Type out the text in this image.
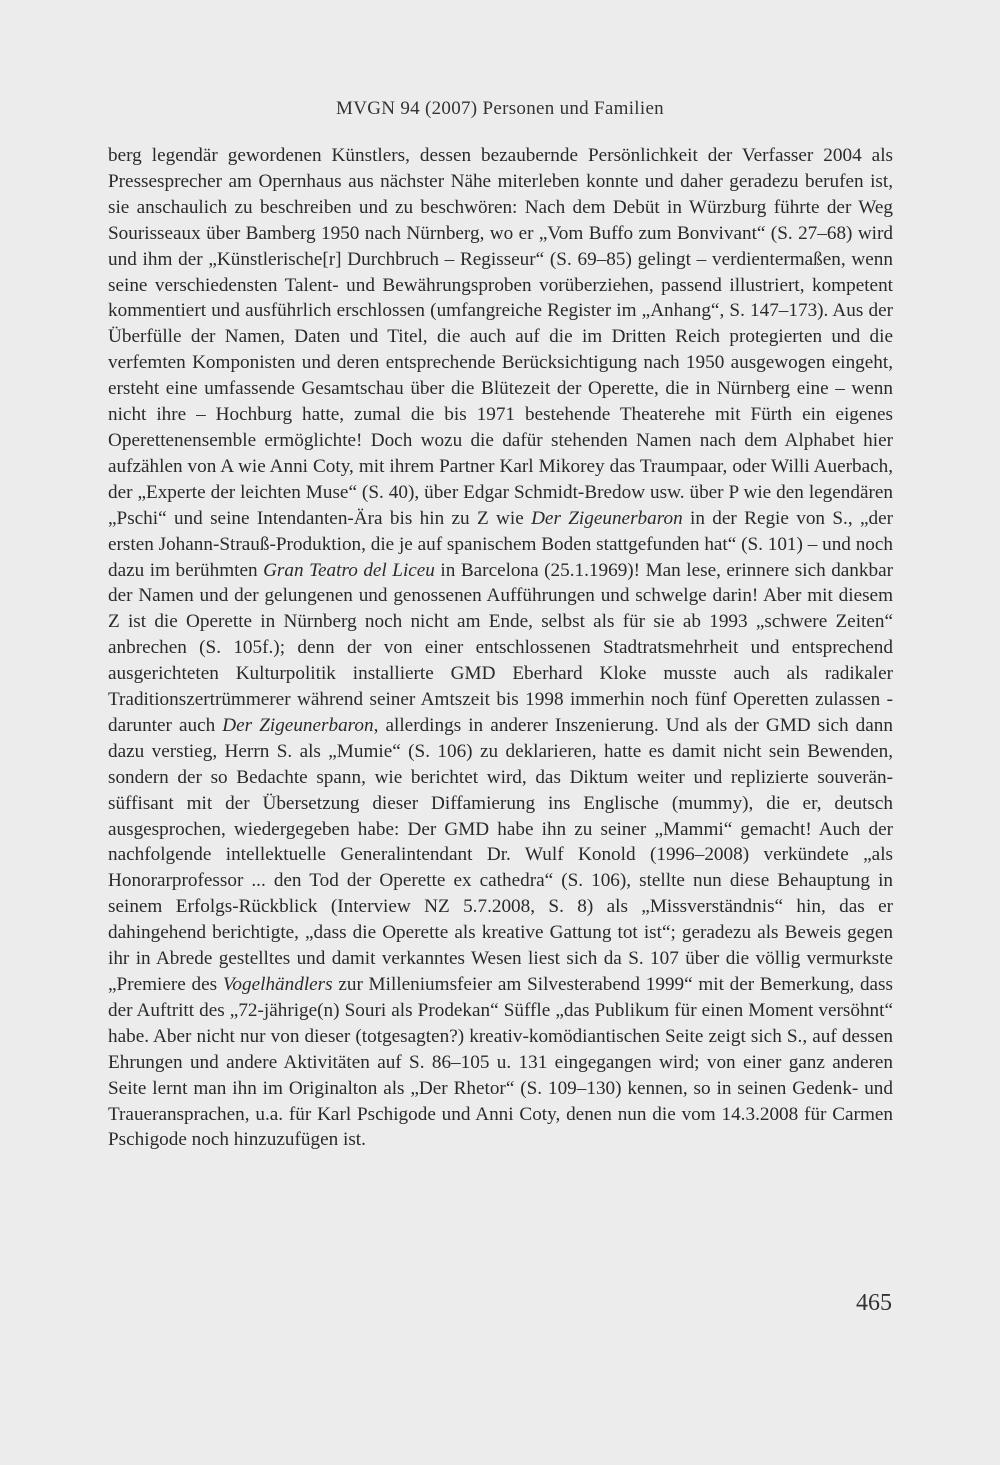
MVGN 94 (2007) Personen und Familien

berg legendär gewordenen Künstlers, dessen bezaubernde Persönlichkeit der Verfasser 2004 als Pressesprecher am Opernhaus aus nächster Nähe miterleben konnte und daher geradezu berufen ist, sie anschaulich zu beschreiben und zu beschwören: Nach dem Debüt in Würzburg führte der Weg Sourisseaux über Bamberg 1950 nach Nürnberg, wo er „Vom Buffo zum Bonvivant“ (S. 27–68) wird und ihm der „Künstlerische[r] Durchbruch – Regisseur“ (S. 69–85) gelingt – verdientermaßen, wenn seine verschiedensten Talent- und Bewährungsproben vorüberziehen, passend illustriert, kompetent kommentiert und ausführlich erschlossen (umfangreiche Register im „Anhang“, S. 147–173). Aus der Überfülle der Namen, Daten und Titel, die auch auf die im Dritten Reich protegierten und die verfemten Komponisten und deren entsprechende Berücksichtigung nach 1950 ausgewogen eingeht, ersteht eine umfassende Gesamtschau über die Blütezeit der Operette, die in Nürnberg eine – wenn nicht ihre – Hochburg hatte, zumal die bis 1971 bestehende Theaterehe mit Fürth ein eigenes Operettenensemble ermöglichte! Doch wozu die dafür stehenden Namen nach dem Alphabet hier aufzählen von A wie Anni Coty, mit ihrem Partner Karl Mikorey das Traumpaar, oder Willi Auerbach, der „Experte der leichten Muse“ (S. 40), über Edgar Schmidt-Bredow usw. über P wie den legendären „Pschi“ und seine Intendanten-Ära bis hin zu Z wie Der Zigeunerbaron in der Regie von S., „der ersten Johann-Strauß-Produktion, die je auf spanischem Boden stattgefunden hat“ (S. 101) – und noch dazu im berühmten Gran Teatro del Liceu in Barcelona (25.1.1969)! Man lese, erinnere sich dankbar der Namen und der gelungenen und genossenen Aufführungen und schwelge darin! Aber mit diesem Z ist die Operette in Nürnberg noch nicht am Ende, selbst als für sie ab 1993 „schwere Zeiten“ anbrechen (S. 105f.); denn der von einer entschlossenen Stadtratsmehrheit und entsprechend ausgerichteten Kulturpolitik installierte GMD Eberhard Kloke musste auch als radikaler Traditionszertrümmerer während seiner Amtszeit bis 1998 immerhin noch fünf Operetten zulassen - darunter auch Der Zigeunerbaron, allerdings in anderer Inszenierung. Und als der GMD sich dann dazu verstieg, Herrn S. als „Mumie“ (S. 106) zu deklarieren, hatte es damit nicht sein Bewenden, sondern der so Bedachte spann, wie berichtet wird, das Diktum weiter und replizierte souverän-süffisant mit der Übersetzung dieser Diffamierung ins Englische (mummy), die er, deutsch ausgesprochen, wiedergegeben habe: Der GMD habe ihn zu seiner „Mammi“ gemacht! Auch der nachfolgende intellektuelle Generalintendant Dr. Wulf Konold (1996–2008) verkündete „als Honorarprofessor ... den Tod der Operette ex cathedra“ (S. 106), stellte nun diese Behauptung in seinem Erfolgs-Rückblick (Interview NZ 5.7.2008, S. 8) als „Missverständnis“ hin, das er dahingehend berichtigte, „dass die Operette als kreative Gattung tot ist“; geradezu als Beweis gegen ihr in Abrede gestelltes und damit verkanntes Wesen liest sich da S. 107 über die völlig vermurkste „Premiere des Vogelhändlers zur Milleniumsfeier am Silvesterabend 1999“ mit der Bemerkung, dass der Auftritt des „72-jährige(n) Souri als Prodekan“ Süffle „das Publikum für einen Moment versöhnt“ habe. Aber nicht nur von dieser (totgesagten?) kreativ-komödiantischen Seite zeigt sich S., auf dessen Ehrungen und andere Aktivitäten auf S. 86–105 u. 131 eingegangen wird; von einer ganz anderen Seite lernt man ihn im Originalton als „Der Rhetor“ (S. 109–130) kennen, so in seinen Gedenk- und Traueransprachen, u.a. für Karl Pschigode und Anni Coty, denen nun die vom 14.3.2008 für Carmen Pschigode noch hinzuzufügen ist.

465
